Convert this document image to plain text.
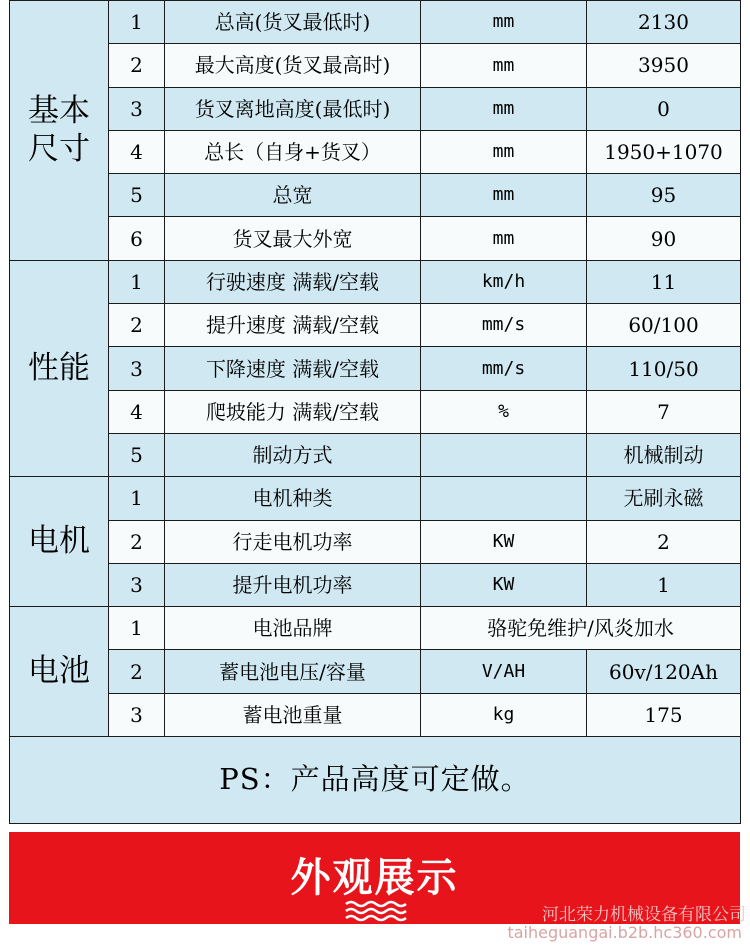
基本尺寸	1	总高(货叉最低时)	mm	2130
	2	最大高度(货叉最高时)	mm	3950
	3	货叉离地高度(最低时)	mm	0
	4	总长（自身+货叉）	mm	1950+1070
	5	总宽	mm	95
	6	货叉最大外宽	mm	90
性能	1	行驶速度 满载/空载	km/h	11
	2	提升速度 满载/空载	mm/s	60/100
	3	下降速度 满载/空载	mm/s	110/50
	4	爬坡能力 满载/空载	%	7
	5	制动方式		机械制动
电机	1	电机种类		无刷永磁
	2	行走电机功率	KW	2
	3	提升电机功率	KW	1
电池	1	电池品牌	骆驼免维护/风炎加水	
	2	蓄电池电压/容量	V/AH	60v/120Ah
	3	蓄电池重量	kg	175
PS：产品高度可定做。				
外观展示
河北荣力机械设备有限公司
taiheguangai.b2b.hc360.com
